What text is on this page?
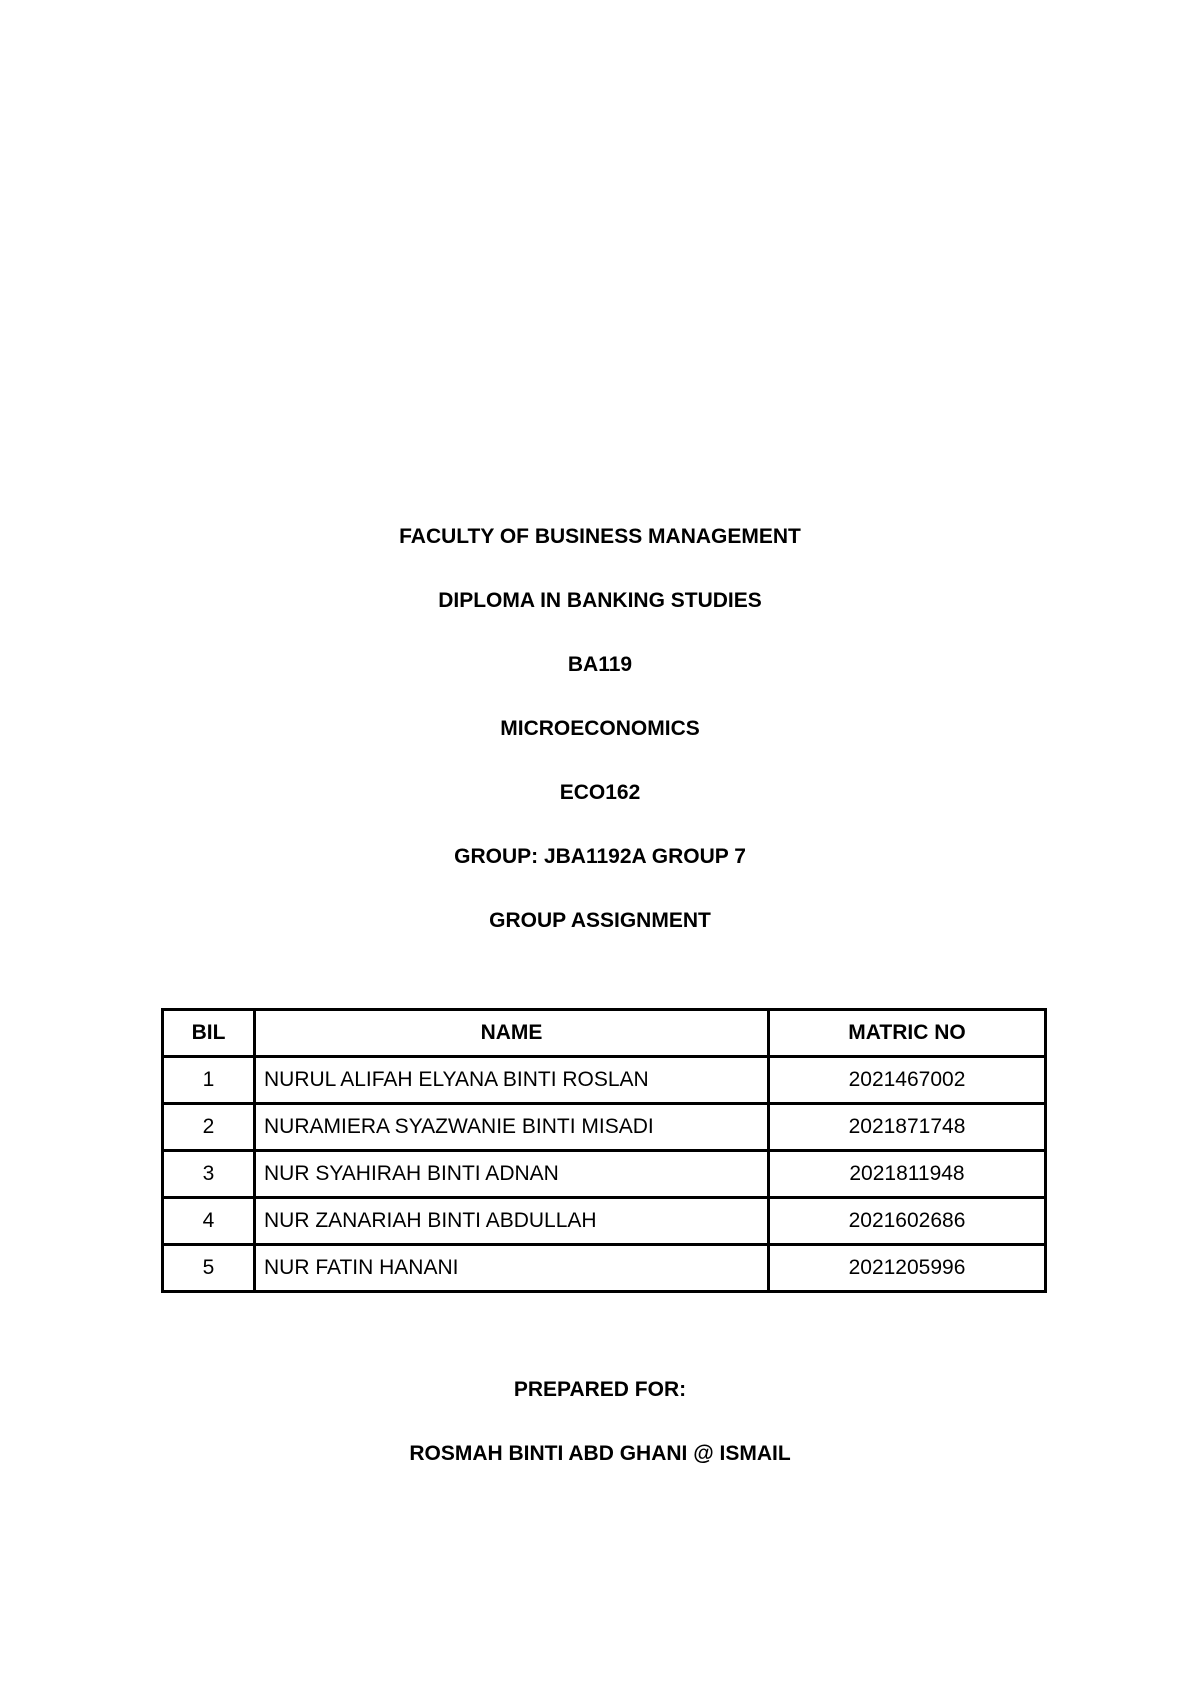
FACULTY OF BUSINESS MANAGEMENT
DIPLOMA IN BANKING STUDIES
BA119
MICROECONOMICS
ECO162
GROUP: JBA1192A GROUP 7
GROUP ASSIGNMENT
BIL	NAME	MATRIC NO
1	NURUL ALIFAH ELYANA BINTI ROSLAN	2021467002
2	NURAMIERA SYAZWANIE BINTI MISADI	2021871748
3	NUR SYAHIRAH BINTI ADNAN	2021811948
4	NUR ZANARIAH BINTI ABDULLAH	2021602686
5	NUR FATIN HANANI	2021205996
PREPARED FOR:
ROSMAH BINTI ABD GHANI @ ISMAIL
